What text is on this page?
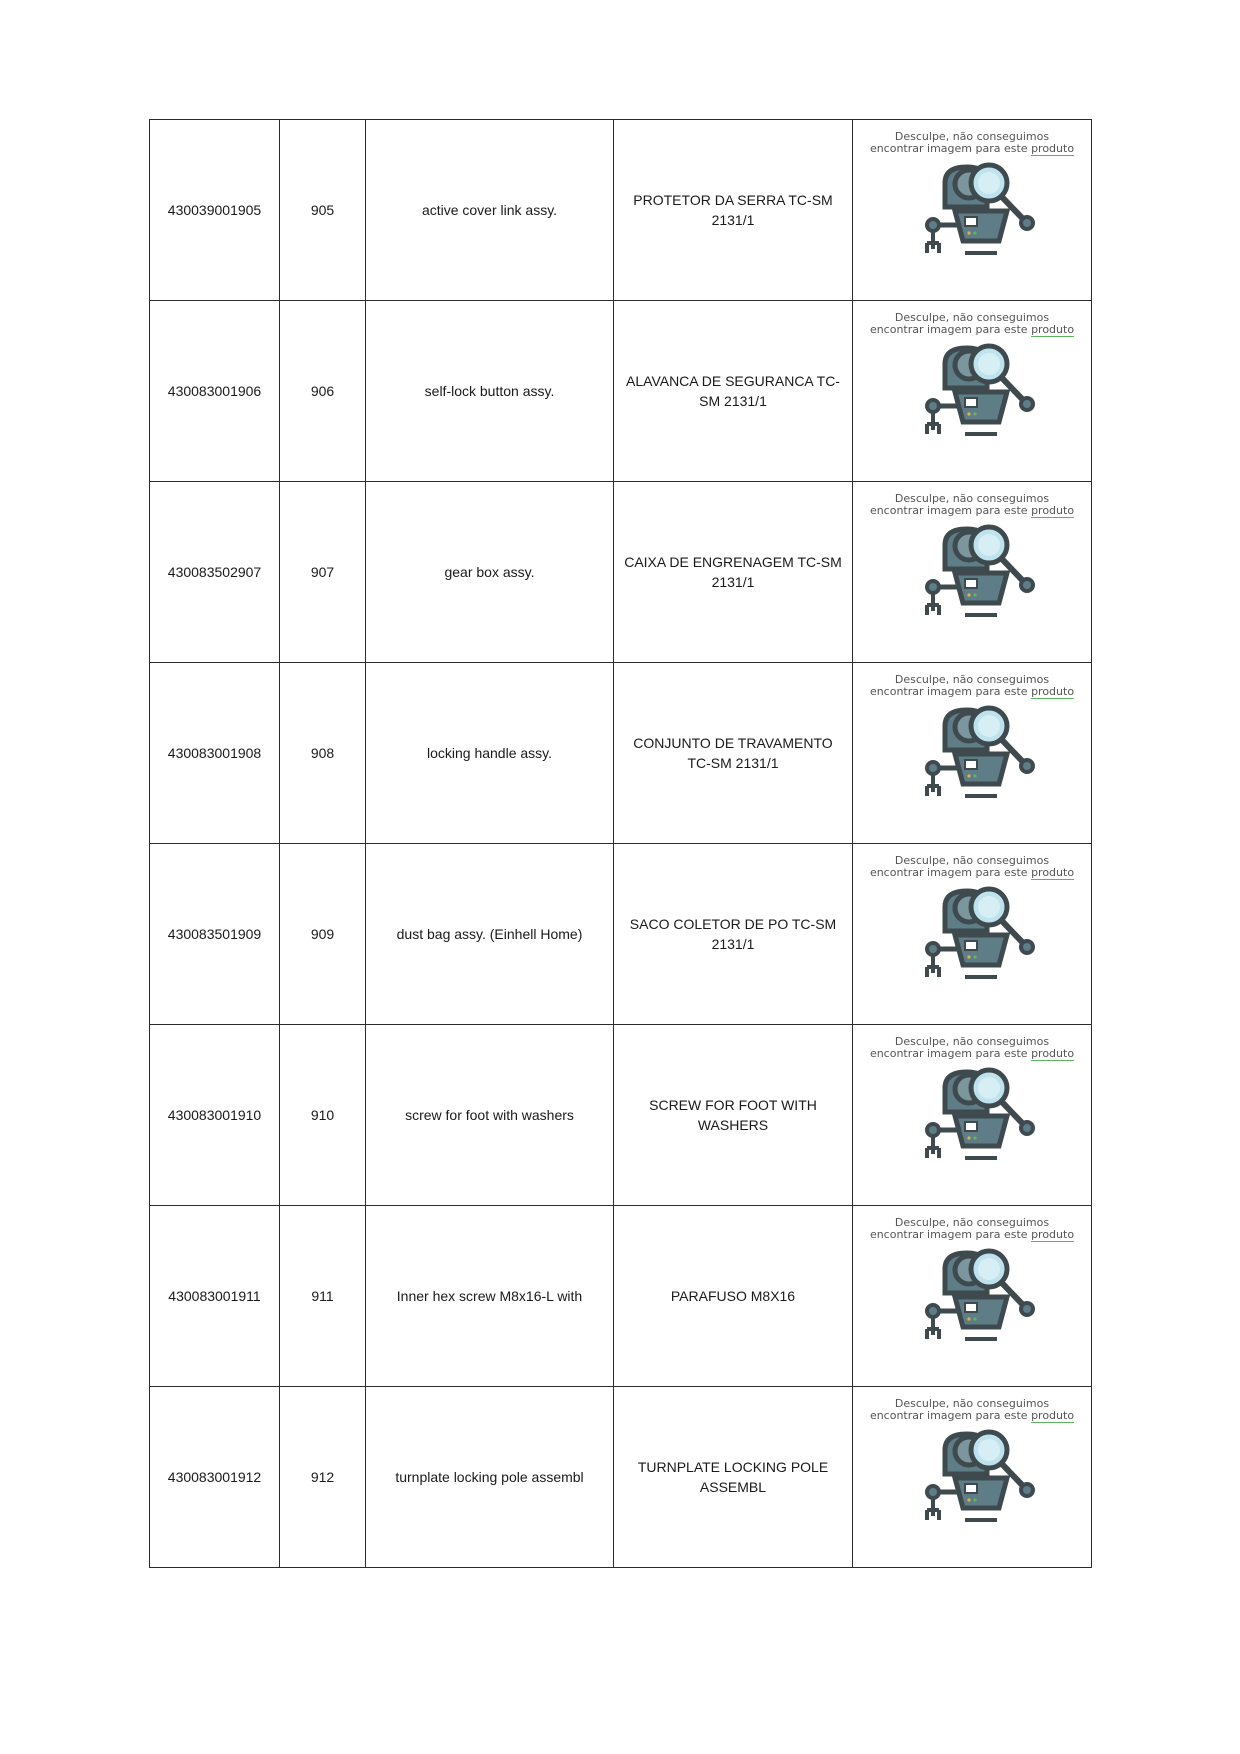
430039001905	905	active cover link assy.	PROTETOR DA SERRA TC-SM 2131/1	Desculpe, não conseguimos
encontrar imagem para este produto

430083001906	906	self-lock button assy.	ALAVANCA DE SEGURANCA TC-SM 2131/1	Desculpe, não conseguimos
encontrar imagem para este produto

430083502907	907	gear box assy.	CAIXA DE ENGRENAGEM TC-SM 2131/1	Desculpe, não conseguimos
encontrar imagem para este produto

430083001908	908	locking handle assy.	CONJUNTO DE TRAVAMENTO TC-SM 2131/1	Desculpe, não conseguimos
encontrar imagem para este produto

430083501909	909	dust bag assy. (Einhell Home)	SACO COLETOR DE PO TC-SM 2131/1	Desculpe, não conseguimos
encontrar imagem para este produto

430083001910	910	screw for foot with washers	SCREW FOR FOOT WITH WASHERS	Desculpe, não conseguimos
encontrar imagem para este produto

430083001911	911	Inner hex screw M8x16-L with	PARAFUSO M8X16	Desculpe, não conseguimos
encontrar imagem para este produto

430083001912	912	turnplate locking pole assembl	TURNPLATE LOCKING POLE ASSEMBL	Desculpe, não conseguimos
encontrar imagem para este produto
